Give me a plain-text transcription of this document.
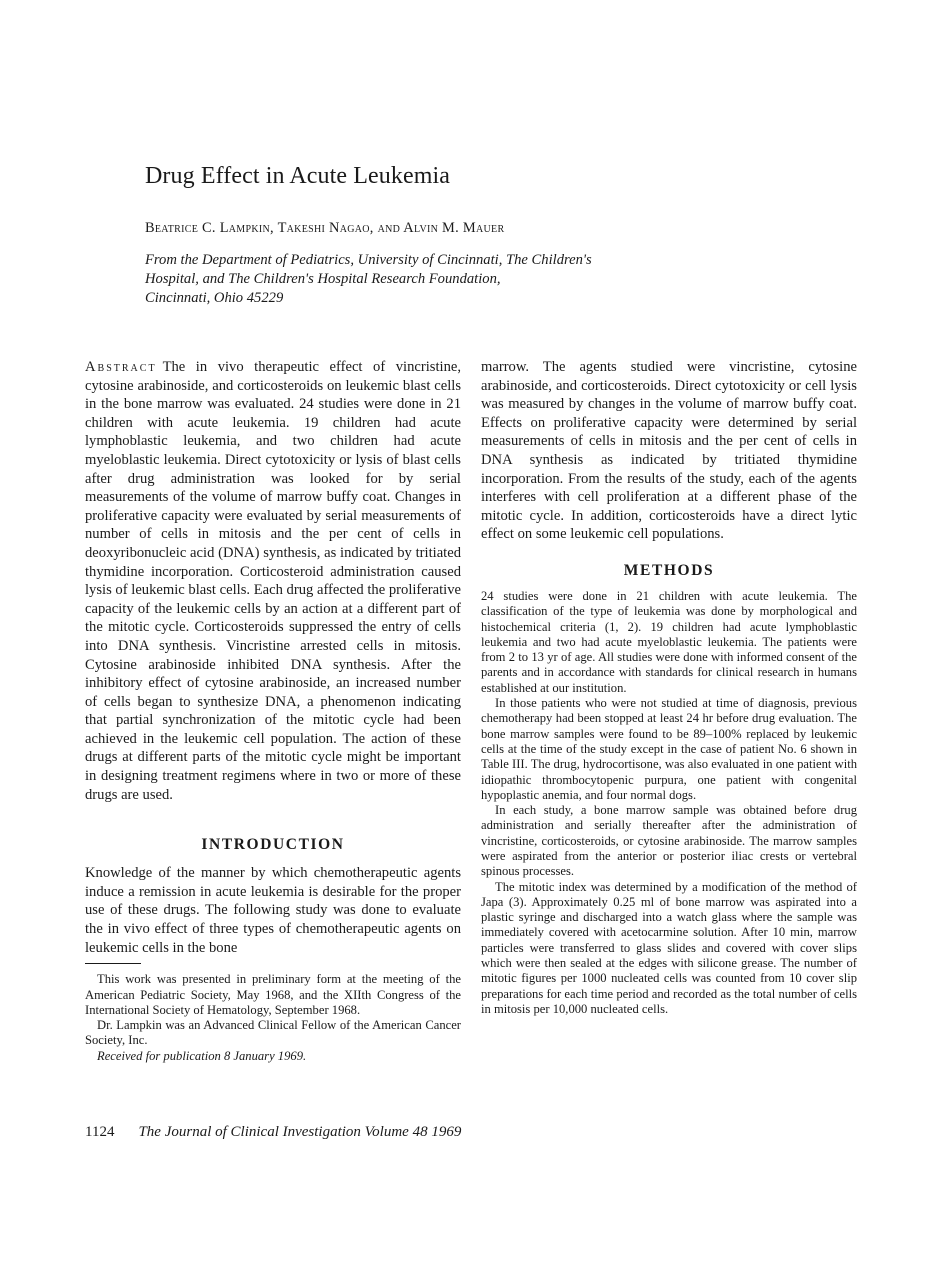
Drug Effect in Acute Leukemia
Beatrice C. Lampkin, Takeshi Nagao, and Alvin M. Mauer
From the Department of Pediatrics, University of Cincinnati, The Children's
Hospital, and The Children's Hospital Research Foundation,
Cincinnati, Ohio 45229

Abstract The in vivo therapeutic effect of vincristine, cytosine arabinoside, and corticosteroids on leukemic blast cells in the bone marrow was evaluated. 24 studies were done in 21 children with acute leukemia. 19 children had acute lymphoblastic leukemia, and two children had acute myeloblastic leukemia. Direct cytotoxicity or lysis of blast cells after drug administration was looked for by serial measurements of the volume of marrow buffy coat. Changes in proliferative capacity were evaluated by serial measurements of number of cells in mitosis and the per cent of cells in deoxyribonucleic acid (DNA) synthesis, as indicated by tritiated thymidine incorporation. Corticosteroid administration caused lysis of leukemic blast cells. Each drug affected the proliferative capacity of the leukemic cells by an action at a different part of the mitotic cycle. Corticosteroids suppressed the entry of cells into DNA synthesis. Vincristine arrested cells in mitosis. Cytosine arabinoside inhibited DNA synthesis. After the inhibitory effect of cytosine arabinoside, an increased number of cells began to synthesize DNA, a phenomenon indicating that partial synchronization of the mitotic cycle had been achieved in the leukemic cell population. The action of these drugs at different parts of the mitotic cycle might be important in designing treatment regimens where in two or more of these drugs are used.

INTRODUCTION

Knowledge of the manner by which chemotherapeutic agents induce a remission in acute leukemia is desirable for the proper use of these drugs. The following study was done to evaluate the in vivo effect of three types of chemotherapeutic agents on leukemic cells in the bone

This work was presented in preliminary form at the meeting of the American Pediatric Society, May 1968, and the XIIth Congress of the International Society of Hematology, September 1968.

Dr. Lampkin was an Advanced Clinical Fellow of the American Cancer Society, Inc.

Received for publication 8 January 1969.

marrow. The agents studied were vincristine, cytosine arabinoside, and corticosteroids. Direct cytotoxicity or cell lysis was measured by changes in the volume of marrow buffy coat. Effects on proliferative capacity were determined by serial measurements of cells in mitosis and the per cent of cells in DNA synthesis as indicated by tritiated thymidine incorporation. From the results of the study, each of the agents interferes with cell proliferation at a different phase of the mitotic cycle. In addition, corticosteroids have a direct lytic effect on some leukemic cell populations.

METHODS

24 studies were done in 21 children with acute leukemia. The classification of the type of leukemia was done by morphological and histochemical criteria (1, 2). 19 children had acute lymphoblastic leukemia and two had acute myeloblastic leukemia. The patients were from 2 to 13 yr of age. All studies were done with informed consent of the parents and in accordance with standards for clinical research in humans established at our institution.

In those patients who were not studied at time of diagnosis, previous chemotherapy had been stopped at least 24 hr before drug evaluation. The bone marrow samples were found to be 89–100% replaced by leukemic cells at the time of the study except in the case of patient No. 6 shown in Table III. The drug, hydrocortisone, was also evaluated in one patient with idiopathic thrombocytopenic purpura, one patient with congenital hypoplastic anemia, and four normal dogs.

In each study, a bone marrow sample was obtained before drug administration and serially thereafter after the administration of vincristine, corticosteroids, or cytosine arabinoside. The marrow samples were aspirated from the anterior or posterior iliac crests or vertebral spinous processes.

The mitotic index was determined by a modification of the method of Japa (3). Approximately 0.25 ml of bone marrow was aspirated into a plastic syringe and discharged into a watch glass where the sample was immediately covered with acetocarmine solution. After 10 min, marrow particles were transferred to glass slides and covered with cover slips which were then sealed at the edges with silicone grease. The number of mitotic figures per 1000 nucleated cells was counted from 10 cover slip preparations for each time period and recorded as the total number of cells in mitosis per 10,000 nucleated cells.

1124 The Journal of Clinical Investigation Volume 48 1969
